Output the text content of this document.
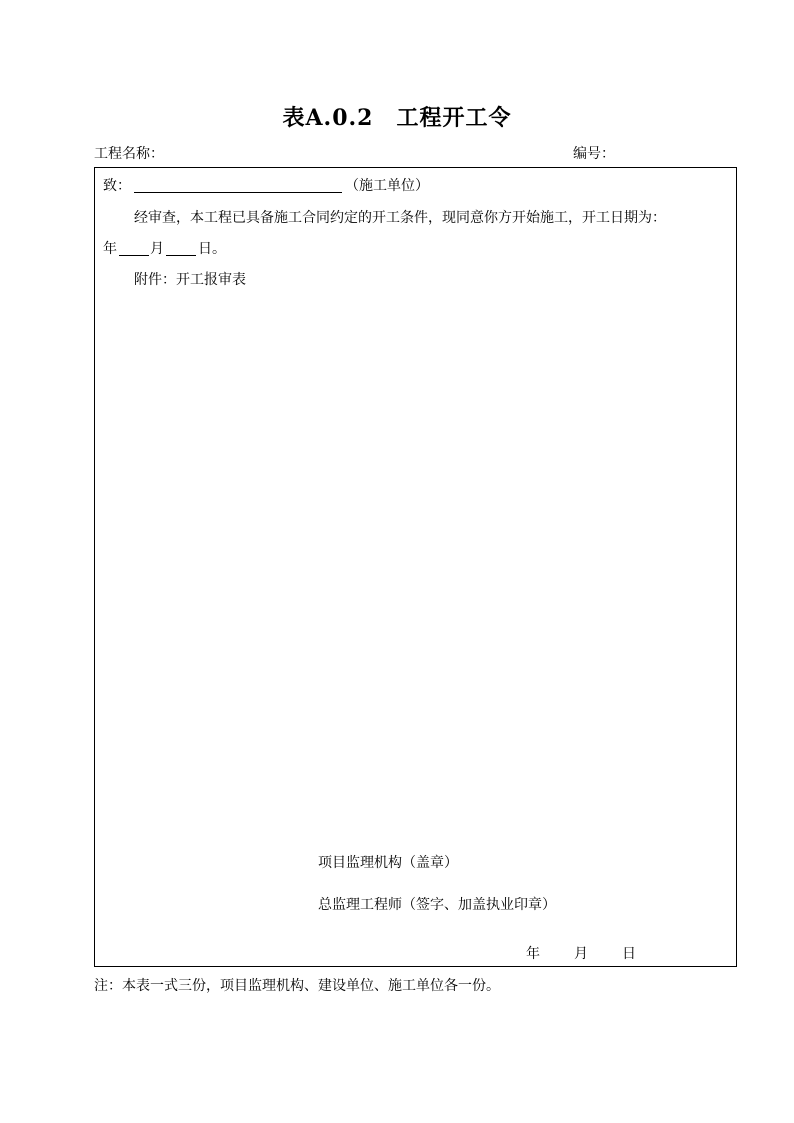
表A.0.2　工程开工令
工程名称：	编号：
致：	（施工单位）
经审查，本工程已具备施工合同约定的开工条件，现同意你方开始施工，开工日期为：
年 月 日。
附件：开工报审表
项目监理机构（盖章）
总监理工程师（签字、加盖执业印章）
年 月 日
注：本表一式三份，项目监理机构、建设单位、施工单位各一份。
